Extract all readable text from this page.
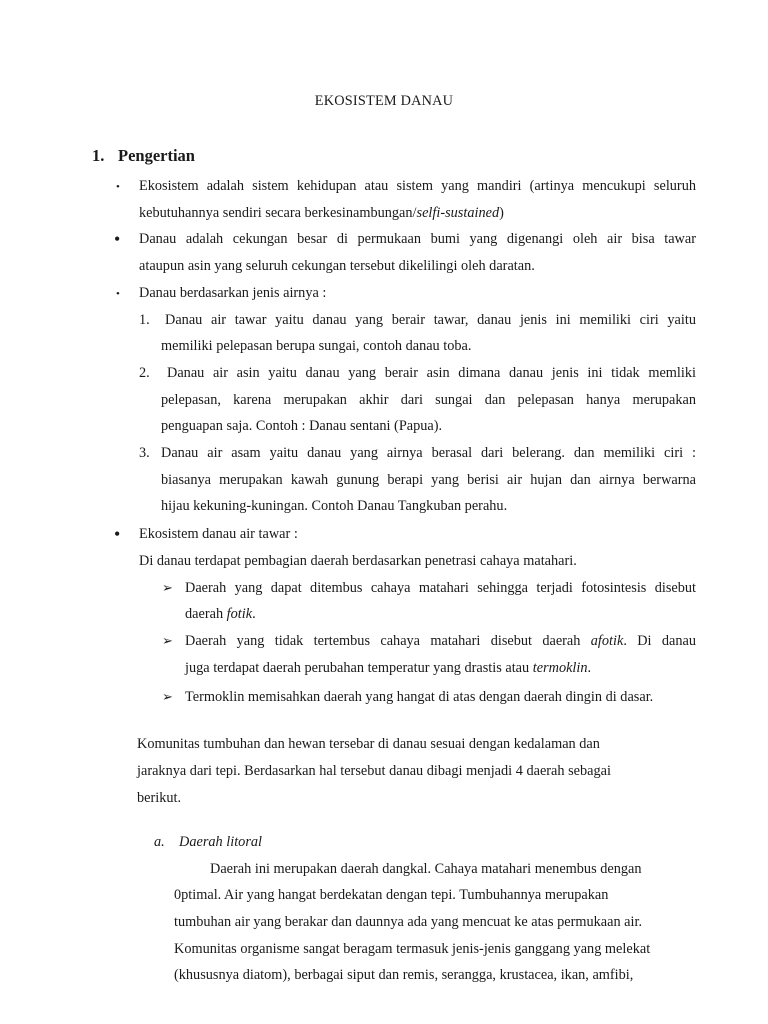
EKOSISTEM DANAU
1. Pengertian
• Ekosistem adalah sistem kehidupan atau sistem yang mandiri (artinya mencukupi seluruh
kebutuhannya sendiri secara berkesinambungan/selfi-sustained)
• Danau adalah cekungan besar di permukaan bumi yang digenangi oleh air bisa tawar
ataupun asin yang seluruh cekungan tersebut dikelilingi oleh daratan.
• Danau berdasarkan jenis airnya :
1. Danau air tawar yaitu danau yang berair tawar, danau jenis ini memiliki ciri yaitu
memiliki pelepasan berupa sungai, contoh danau toba.
2. Danau air asin yaitu danau yang berair asin dimana danau jenis ini tidak memliki
pelepasan, karena merupakan akhir dari sungai dan pelepasan hanya merupakan
penguapan saja. Contoh : Danau sentani (Papua).
3. Danau air asam yaitu danau yang airnya berasal dari belerang. dan memiliki ciri :
biasanya merupakan kawah gunung berapi yang berisi air hujan dan airnya berwarna
hijau kekuning-kuningan. Contoh Danau Tangkuban perahu.
• Ekosistem danau air tawar :
Di danau terdapat pembagian daerah berdasarkan penetrasi cahaya matahari.
➢ Daerah yang dapat ditembus cahaya matahari sehingga terjadi fotosintesis disebut
daerah fotik.
➢ Daerah yang tidak tertembus cahaya matahari disebut daerah afotik. Di danau
juga terdapat daerah perubahan temperatur yang drastis atau termoklin.
➢ Termoklin memisahkan daerah yang hangat di atas dengan daerah dingin di dasar.
Komunitas tumbuhan dan hewan tersebar di danau sesuai dengan kedalaman dan
jaraknya dari tepi. Berdasarkan hal tersebut danau dibagi menjadi 4 daerah sebagai
berikut.
a. Daerah litoral
Daerah ini merupakan daerah dangkal. Cahaya matahari menembus dengan
0ptimal. Air yang hangat berdekatan dengan tepi. Tumbuhannya merupakan
tumbuhan air yang berakar dan daunnya ada yang mencuat ke atas permukaan air.
Komunitas organisme sangat beragam termasuk jenis-jenis ganggang yang melekat
(khususnya diatom), berbagai siput dan remis, serangga, krustacea, ikan, amfibi,
